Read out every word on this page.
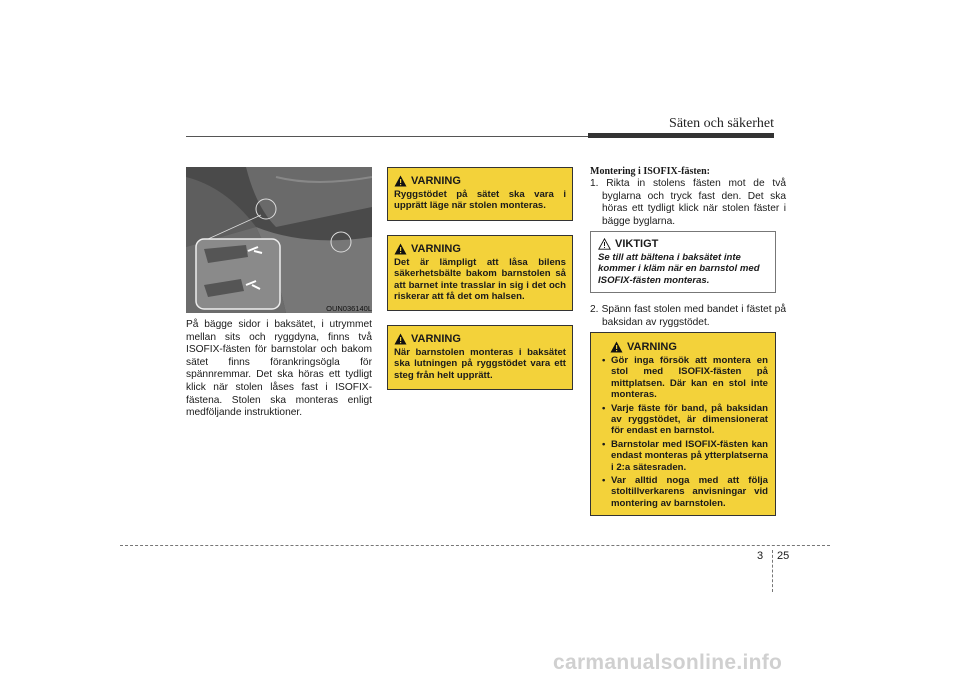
Säten och säkerhet
OUN036140L
På bägge sidor i baksätet, i utrymmet mellan sits och ryggdyna, finns två ISOFIX-fästen för barnstolar och bakom sätet finns förankringsögla för spännremmar. Det ska höras ett tydligt klick när stolen låses fast i ISOFIX-fästena. Stolen ska monteras enligt medföljande instruktioner.
VARNING
Ryggstödet på sätet ska vara i upprätt läge när stolen monteras.
VARNING
Det är lämpligt att låsa bilens säkerhetsbälte bakom barnstolen så att barnet inte trasslar in sig i det och riskerar att få det om halsen.
VARNING
När barnstolen monteras i baksätet ska lutningen på ryggstödet vara ett steg från helt upprätt.
Montering i ISOFIX-fästen:
1. Rikta in stolens fästen mot de två byglarna och tryck fast den. Det ska höras ett tydligt klick när stolen fäster i bägge byglarna.
VIKTIGT
Se till att bältena i baksätet inte kommer i kläm när en barnstol med ISOFIX-fästen monteras.
2. Spänn fast stolen med bandet i fästet på baksidan av ryggstödet.
VARNING
• Gör inga försök att montera en stol med ISOFIX-fästen på mittplatsen. Där kan en stol inte monteras.
• Varje fäste för band, på baksidan av ryggstödet, är dimensionerat för endast en barnstol.
• Barnstolar med ISOFIX-fästen kan endast monteras på ytterplatserna i 2:a sätesraden.
• Var alltid noga med att följa stoltillverkarens anvisningar vid montering av barnstolen.
3 25
carmanualsonline.info
